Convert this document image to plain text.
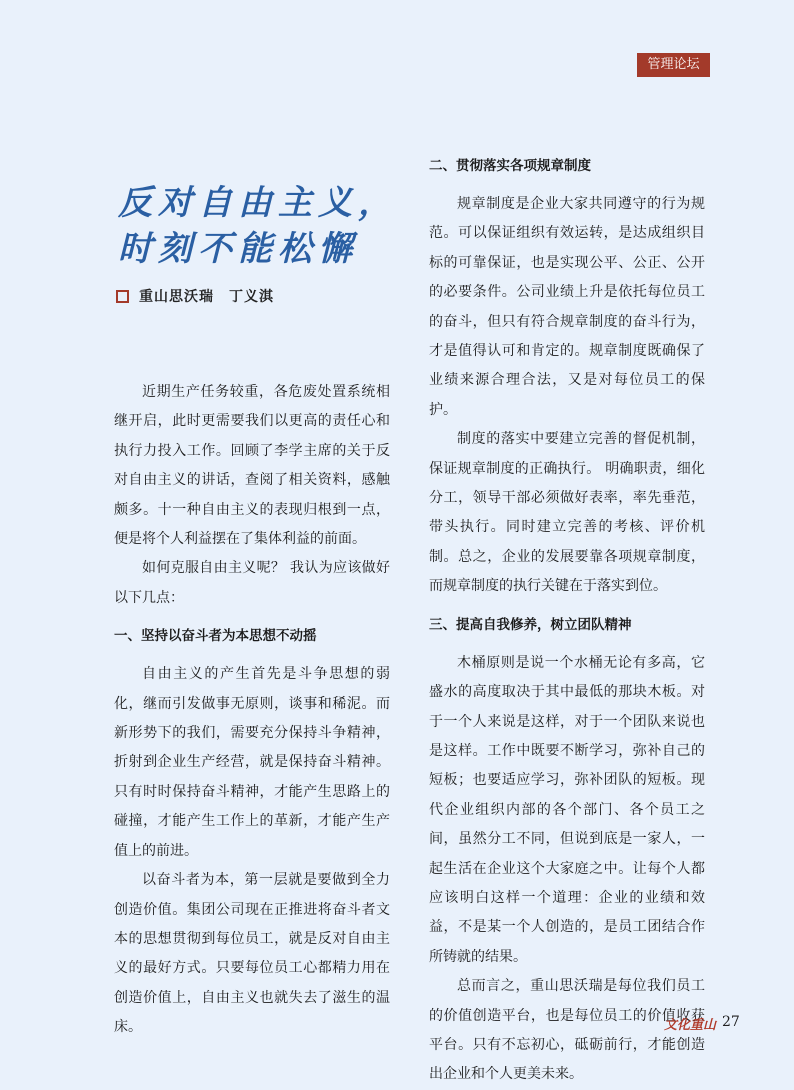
管理论坛
反对自由主义，
时刻不能松懈
重山思沃瑞　丁义淇

近期生产任务较重，各危废处置系统相继开启，此时更需要我们以更高的责任心和执行力投入工作。回顾了李学主席的关于反对自由主义的讲话，查阅了相关资料，感触颇多。十一种自由主义的表现归根到一点，便是将个人利益摆在了集体利益的前面。

如何克服自由主义呢？ 我认为应该做好以下几点：

一、坚持以奋斗者为本思想不动摇

自由主义的产生首先是斗争思想的弱化，继而引发做事无原则，谈事和稀泥。而新形势下的我们，需要充分保持斗争精神，折射到企业生产经营，就是保持奋斗精神。只有时时保持奋斗精神，才能产生思路上的碰撞，才能产生工作上的革新，才能产生产值上的前进。

以奋斗者为本，第一层就是要做到全力创造价值。集团公司现在正推进将奋斗者文本的思想贯彻到每位员工，就是反对自由主义的最好方式。只要每位员工心都精力用在创造价值上，自由主义也就失去了滋生的温床。

二、贯彻落实各项规章制度

规章制度是企业大家共同遵守的行为规范。可以保证组织有效运转，是达成组织目标的可靠保证，也是实现公平、公正、公开的必要条件。公司业绩上升是依托每位员工的奋斗，但只有符合规章制度的奋斗行为，才是值得认可和肯定的。规章制度既确保了业绩来源合理合法，又是对每位员工的保护。

制度的落实中要建立完善的督促机制，保证规章制度的正确执行。 明确职责，细化分工，领导干部必须做好表率，率先垂范，带头执行。同时建立完善的考核、评价机制。总之，企业的发展要靠各项规章制度，而规章制度的执行关键在于落实到位。

三、提高自我修养，树立团队精神

木桶原则是说一个水桶无论有多高，它盛水的高度取决于其中最低的那块木板。对于一个人来说是这样，对于一个团队来说也是这样。工作中既要不断学习，弥补自己的短板；也要适应学习，弥补团队的短板。现代企业组织内部的各个部门、各个员工之间，虽然分工不同，但说到底是一家人，一起生活在企业这个大家庭之中。让每个人都应该明白这样一个道理：企业的业绩和效益，不是某一个人创造的，是员工团结合作所铸就的结果。

总而言之，重山思沃瑞是每位我们员工的价值创造平台，也是每位员工的价值收获平台。只有不忘初心，砥砺前行，才能创造出企业和个人更美未来。

文化重山 27
